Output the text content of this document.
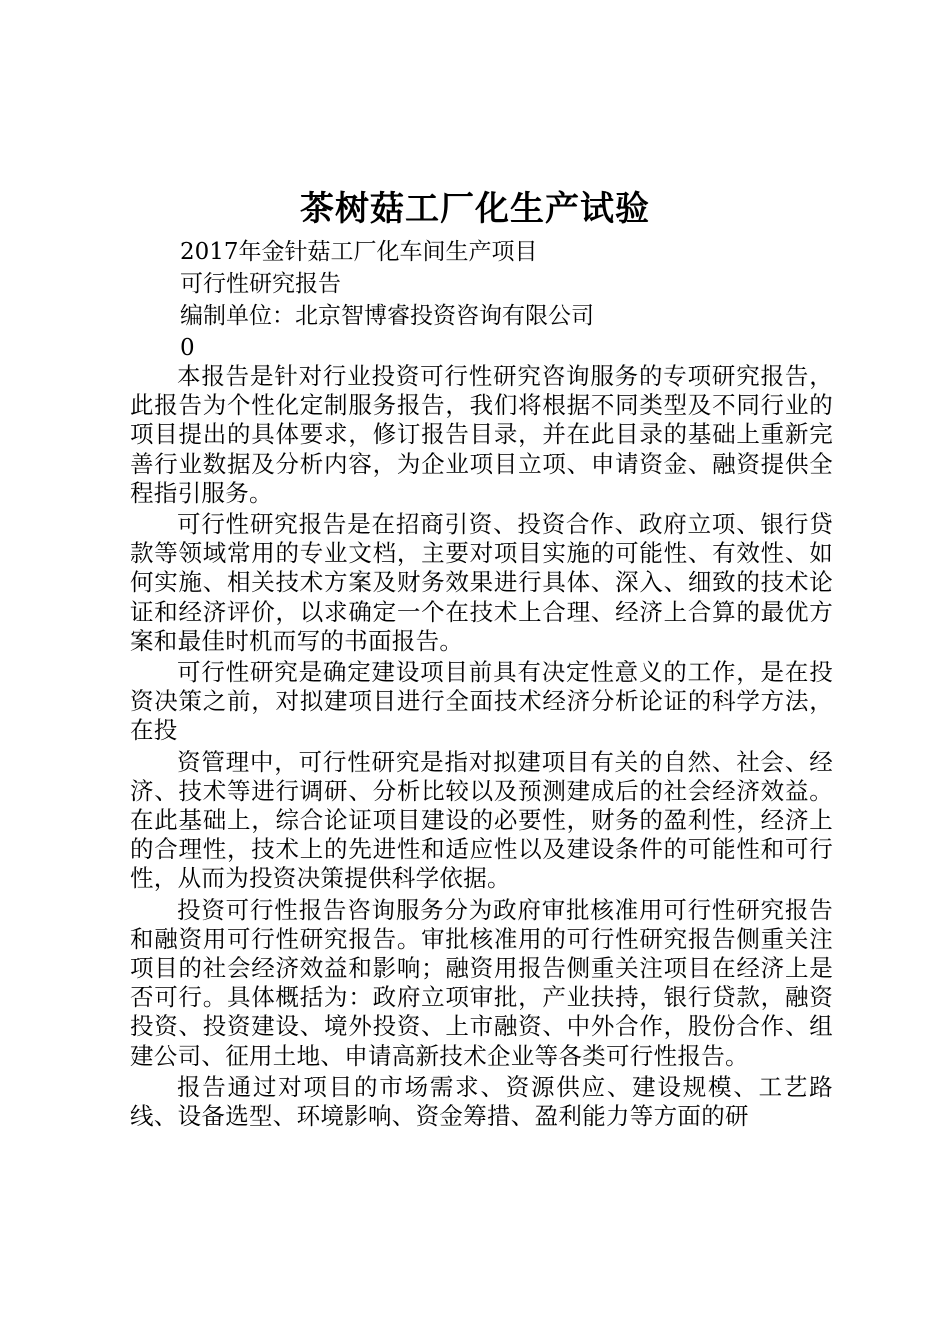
茶树菇工厂化生产试验

2017年金针菇工厂化车间生产项目

可行性研究报告

编制单位：北京智博睿投资咨询有限公司

0

本报告是针对行业投资可行性研究咨询服务的专项研究报告，此报告为个性化定制服务报告，我们将根据不同类型及不同行业的项目提出的具体要求，修订报告目录，并在此目录的基础上重新完善行业数据及分析内容，为企业项目立项、申请资金、融资提供全程指引服务。

可行性研究报告是在招商引资、投资合作、政府立项、银行贷款等领域常用的专业文档，主要对项目实施的可能性、有效性、如何实施、相关技术方案及财务效果进行具体、深入、细致的技术论证和经济评价，以求确定一个在技术上合理、经济上合算的最优方案和最佳时机而写的书面报告。

可行性研究是确定建设项目前具有决定性意义的工作，是在投资决策之前，对拟建项目进行全面技术经济分析论证的科学方法，在投

资管理中，可行性研究是指对拟建项目有关的自然、社会、经济、技术等进行调研、分析比较以及预测建成后的社会经济效益。在此基础上，综合论证项目建设的必要性，财务的盈利性，经济上的合理性，技术上的先进性和适应性以及建设条件的可能性和可行性，从而为投资决策提供科学依据。

投资可行性报告咨询服务分为政府审批核准用可行性研究报告和融资用可行性研究报告。审批核准用的可行性研究报告侧重关注项目的社会经济效益和影响；融资用报告侧重关注项目在经济上是否可行。具体概括为：政府立项审批，产业扶持，银行贷款，融资投资、投资建设、境外投资、上市融资、中外合作，股份合作、组建公司、征用土地、申请高新技术企业等各类可行性报告。

报告通过对项目的市场需求、资源供应、建设规模、工艺路线、设备选型、环境影响、资金筹措、盈利能力等方面的研
